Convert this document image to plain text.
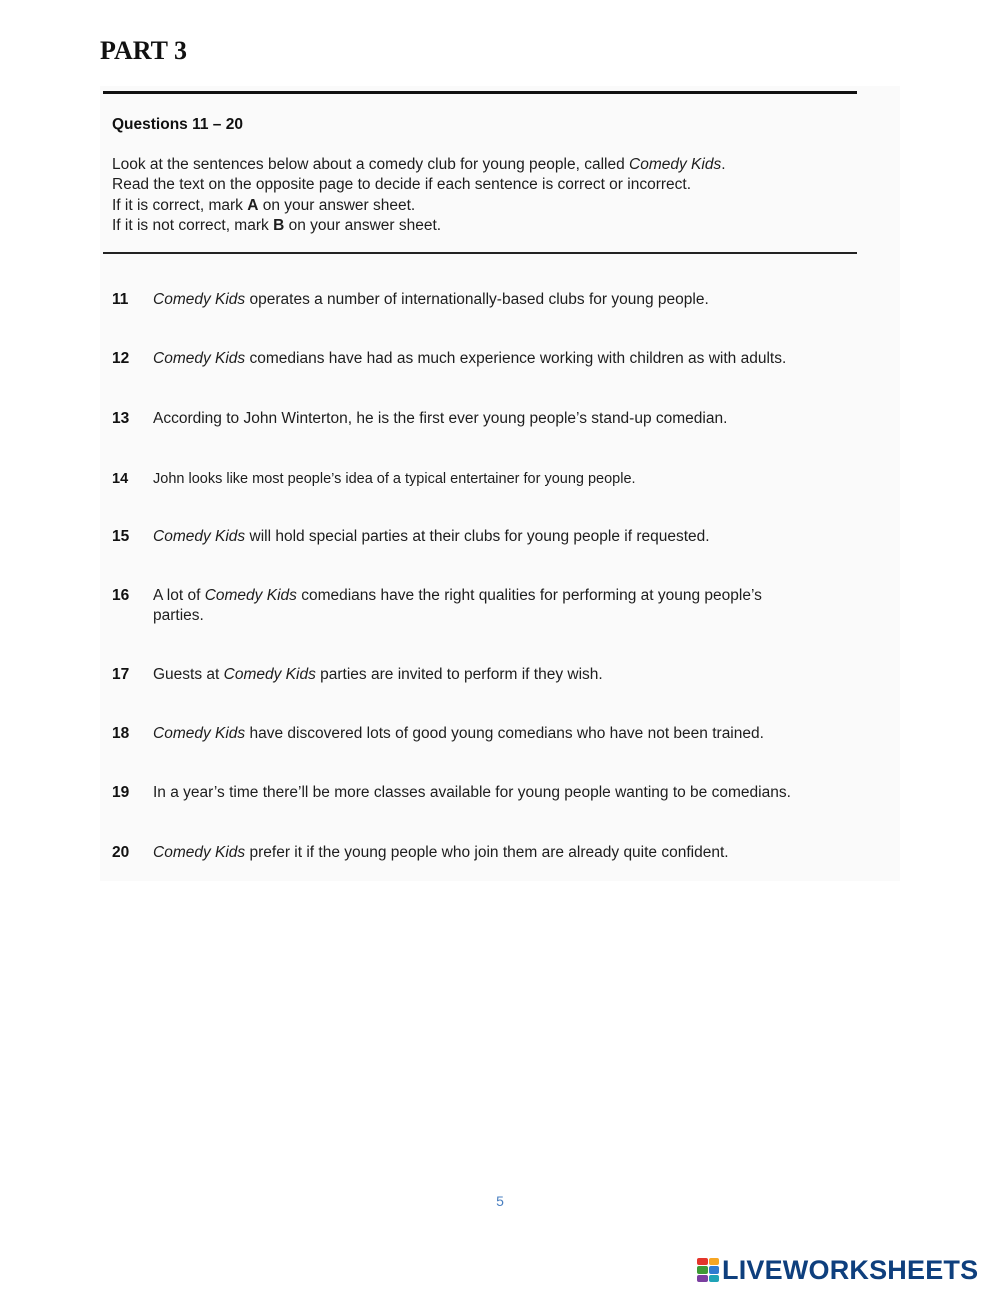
PART 3
Questions 11 – 20
Look at the sentences below about a comedy club for young people, called Comedy Kids.
Read the text on the opposite page to decide if each sentence is correct or incorrect.
If it is correct, mark A on your answer sheet.
If it is not correct, mark B on your answer sheet.
11	Comedy Kids operates a number of internationally-based clubs for young people.
12	Comedy Kids comedians have had as much experience working with children as with adults.
13	According to John Winterton, he is the first ever young people’s stand-up comedian.
14	John looks like most people’s idea of a typical entertainer for young people.
15	Comedy Kids will hold special parties at their clubs for young people if requested.
16	A lot of Comedy Kids comedians have the right qualities for performing at young people’s
parties.
17	Guests at Comedy Kids parties are invited to perform if they wish.
18	Comedy Kids have discovered lots of good young comedians who have not been trained.
19	In a year’s time there’ll be more classes available for young people wanting to be comedians.
20	Comedy Kids prefer it if the young people who join them are already quite confident.
5
LIVEWORKSHEETS
